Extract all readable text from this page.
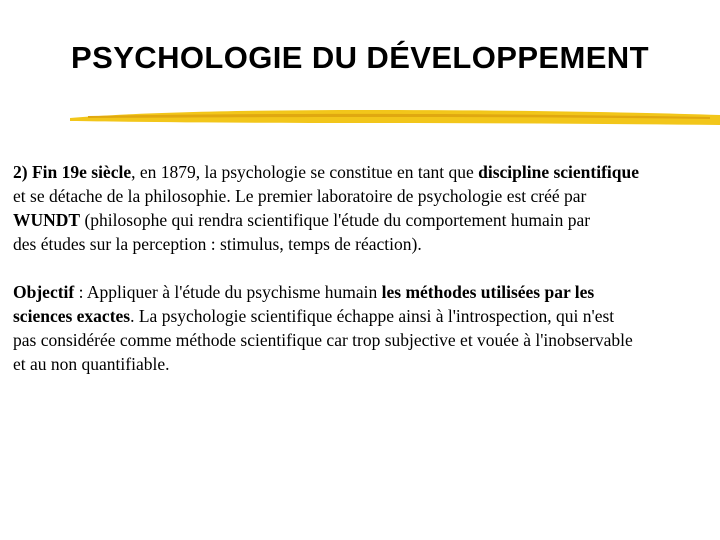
PSYCHOLOGIE DU DÉVELOPPEMENT
2) Fin 19e siècle, en 1879, la psychologie se constitue en tant que discipline scientifique
et se détache de la philosophie. Le premier laboratoire de psychologie est créé par
WUNDT (philosophe qui rendra scientifique l'étude du comportement humain par
des études sur la perception : stimulus, temps de réaction).
Objectif : Appliquer à l'étude du psychisme humain les méthodes utilisées par les
sciences exactes. La psychologie scientifique échappe ainsi à l'introspection, qui n'est
pas considérée comme méthode scientifique car trop subjective et vouée à l'inobservable
et au non quantifiable.
